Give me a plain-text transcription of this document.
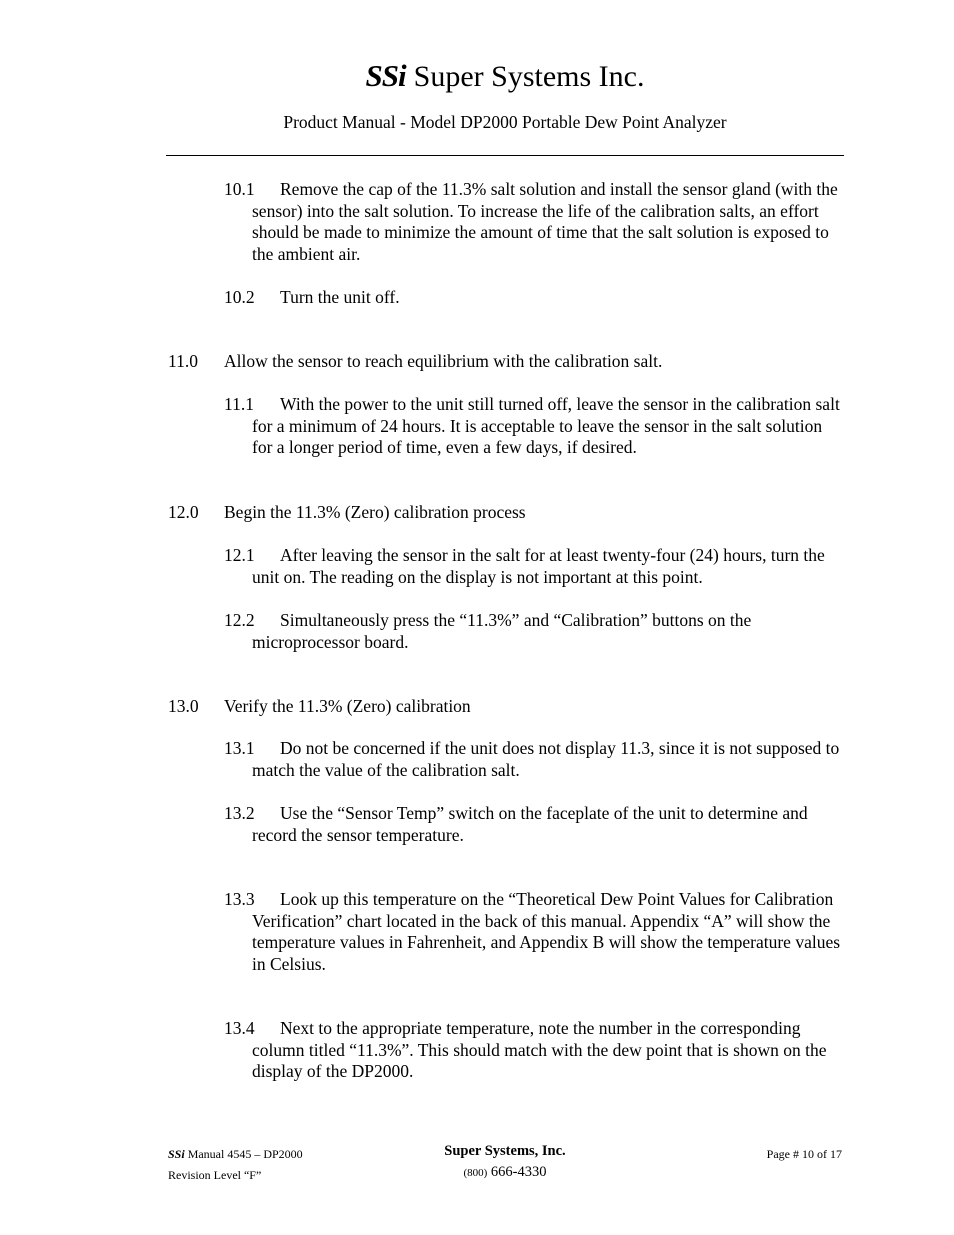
SSi Super Systems Inc.
Product Manual - Model DP2000 Portable Dew Point Analyzer

10.1 Remove the cap of the 11.3% salt solution and install the sensor gland (with the sensor) into the salt solution. To increase the life of the calibration salts, an effort should be made to minimize the amount of time that the salt solution is exposed to the ambient air.

10.2 Turn the unit off.

11.0 Allow the sensor to reach equilibrium with the calibration salt.

11.1 With the power to the unit still turned off, leave the sensor in the calibration salt for a minimum of 24 hours. It is acceptable to leave the sensor in the salt solution for a longer period of time, even a few days, if desired.

12.0 Begin the 11.3% (Zero) calibration process

12.1 After leaving the sensor in the salt for at least twenty-four (24) hours, turn the unit on. The reading on the display is not important at this point.

12.2 Simultaneously press the “11.3%” and “Calibration” buttons on the microprocessor board.

13.0 Verify the 11.3% (Zero) calibration

13.1 Do not be concerned if the unit does not display 11.3, since it is not supposed to match the value of the calibration salt.

13.2 Use the “Sensor Temp” switch on the faceplate of the unit to determine and record the sensor temperature.

13.3 Look up this temperature on the “Theoretical Dew Point Values for Calibration Verification” chart located in the back of this manual. Appendix “A” will show the temperature values in Fahrenheit, and Appendix B will show the temperature values in Celsius.

13.4 Next to the appropriate temperature, note the number in the corresponding column titled “11.3%”. This should match with the dew point that is shown on the display of the DP2000.

SSi Manual 4545 – DP2000
Revision Level “F”
Super Systems, Inc.
(800) 666-4330
Page # 10 of 17
